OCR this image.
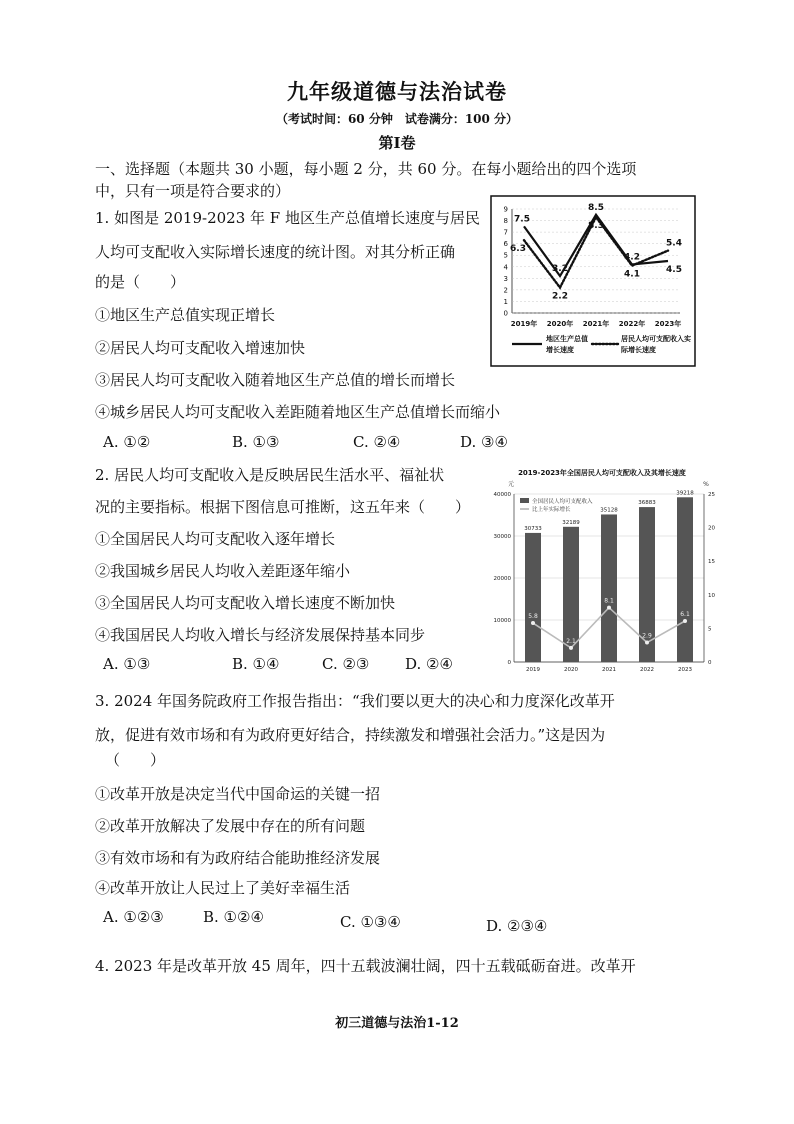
九年级道德与法治试卷
（考试时间：60 分钟　试卷满分：100 分）
第Ⅰ卷
一、选择题（本题共 30 小题，每小题 2 分，共 60 分。在每小题给出的四个选项
中，只有一项是符合要求的）
1. 如图是 2019-2023 年 F 地区生产总值增长速度与居民
人均可支配收入实际增长速度的统计图。对其分析正确
的是（　　）
①地区生产总值实现正增长
②居民人均可支配收入增速加快
③居民人均可支配收入随着地区生产总值的增长而增长
④城乡居民人均可支配收入差距随着地区生产总值增长而缩小
A. ①②	B. ①③	C. ②④	D. ③④
0
1
2
3
4
5
6
7
8
9
7.5
3.2
8.5
4.2
4.5
6.3
2.2
8.3
4.1
5.4
2019年 2020年 2021年 2022年 2023年
地区生产总值
增长速度
居民人均可支配收入实
际增长速度
2. 居民人均可支配收入是反映居民生活水平、福祉状
况的主要指标。根据下图信息可推断，这五年来（　　）
①全国居民人均可支配收入逐年增长
②我国城乡居民人均收入差距逐年缩小
③全国居民人均可支配收入增长速度不断加快
④我国居民人均收入增长与经济发展保持基本同步
A. ①③	B. ①④	C. ②③ D. ②④
2019-2023年全国居民人均可支配收入及其增长速度
元	%
0
10000
20000
30000
40000
0
5
10
15
20
25
30733
32189
35128
36883
39218
5.8
2.1
8.1
2.9
6.1
2019	2020	2021	2022	2023
全国居民人均可支配收入
比上年实际增长
3. 2024 年国务院政府工作报告指出：“我们要以更大的决心和力度深化改革开
放，促进有效市场和有为政府更好结合，持续激发和增强社会活力。”这是因为
（　　）
①改革开放是决定当代中国命运的关键一招
②改革开放解决了发展中存在的所有问题
③有效市场和有为政府结合能助推经济发展
④改革开放让人民过上了美好幸福生活
A. ①②③	B. ①②④	C. ①③④	D. ②③④
4. 2023 年是改革开放 45 周年，四十五载波澜壮阔，四十五载砥砺奋进。改革开
初三道德与法治1-12
